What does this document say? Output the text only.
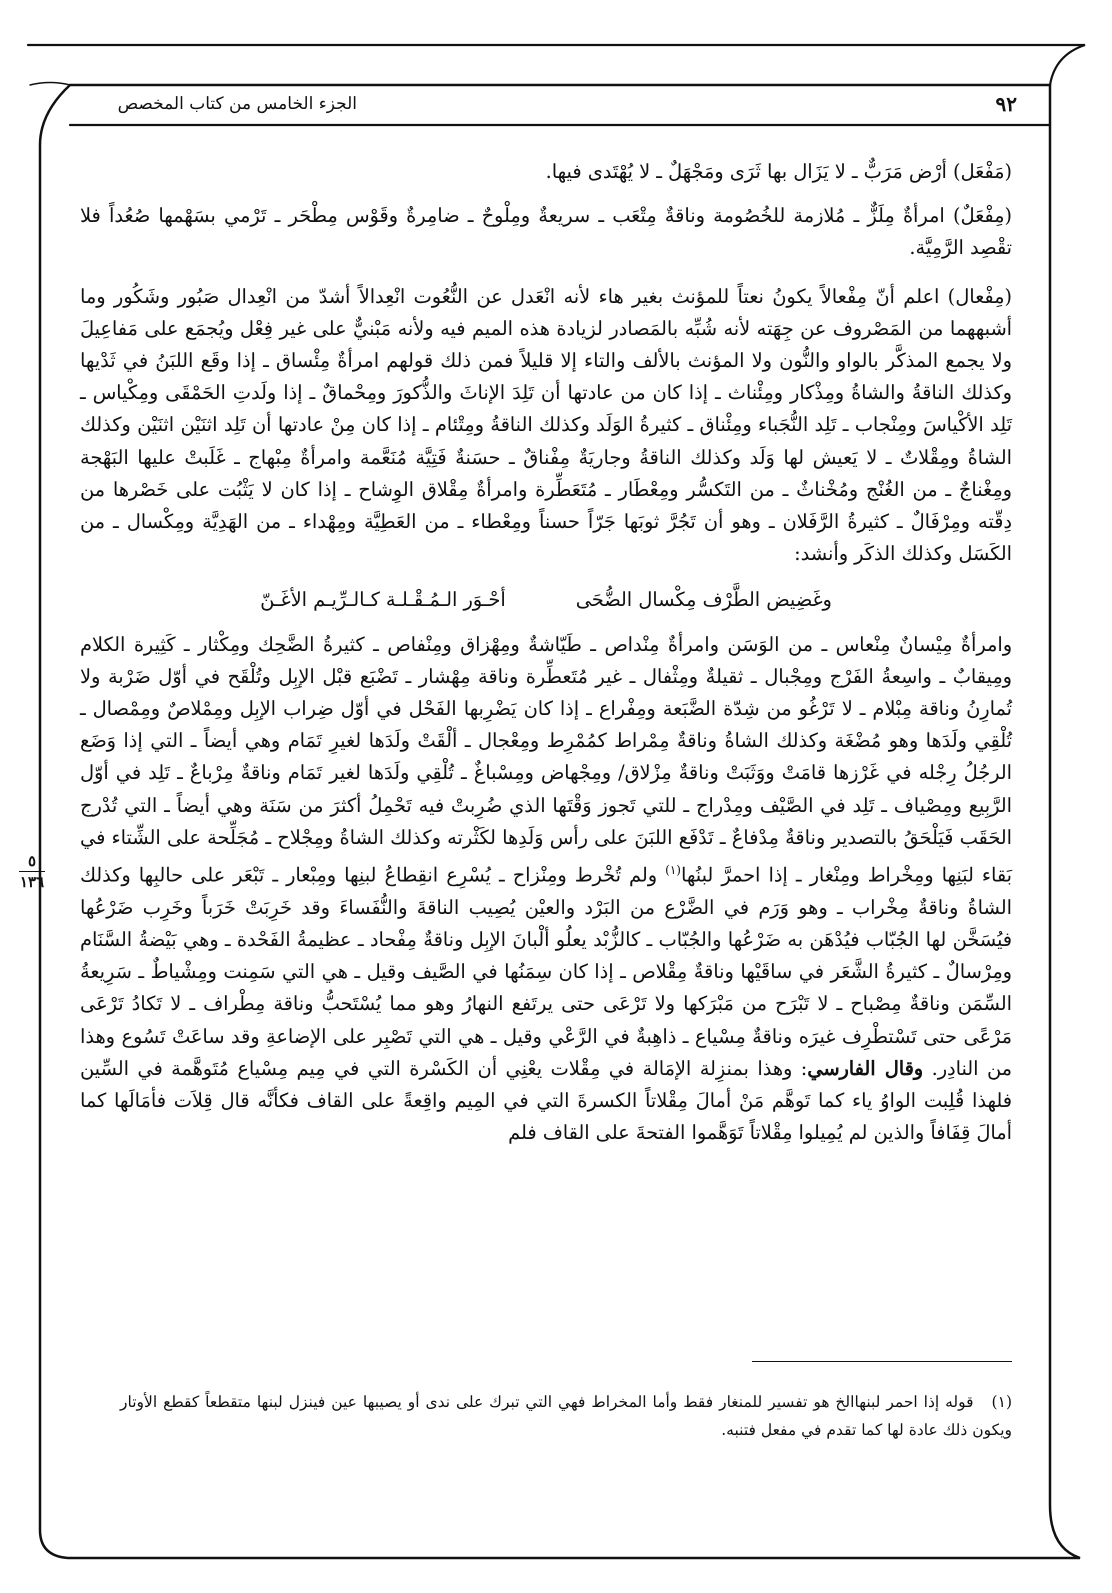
٩٢
الجزء الخامس من كتاب المخصص

(مَفْعَل) أرْض مَرَبٌّ ـ لا يَزَال بها ثَرَى ومَجْهَلٌ ـ لا يُهْتَدى فيها.

(مِفْعَلٌ) امرأةٌ مِلَزٌّ ـ مُلازمة للخُصُومة وناقةٌ مِتْعَب ـ سريعةٌ ومِلْوحٌ ـ ضامِرةٌ وقَوْس مِطْحَر ـ تَرْمي بسَهْمها صُعُداً فلا تقْصِد الرَّمِيَّة.

(مِفْعال) اعلم أنّ مِفْعالاً يكونُ نعتاً للمؤنث بغير هاء لأنه انْعَدل عن النُّعُوت انْعِدالاً أشدّ من انْعِدال صَبُور وشَكُور وما أشبههما من المَصْروف عن جِهَته لأنه شُبِّه بالمَصادر لزيادة هذه الميم فيه ولأنه مَبْنيٌّ على غير فِعْل ويُجمَع على مَفاعِيلَ ولا يجمع المذكَّر بالواو والنُّون ولا المؤنث بالألف والتاء إلا قليلاً فمن ذلك قولهم امرأةٌ مِئْساق ـ إذا وقَع اللبَنُ في ثَدْيها وكذلك الناقةُ والشاةُ ومِذْكار ومِئْناث ـ إذا كان من عادتها أن تَلِدَ الإناثَ والذُّكورَ ومِحْماقٌ ـ إذا ولَدتِ الحَمْقَى ومِكْياس ـ تَلِد الأكْياسَ ومِنْجاب ـ تَلِد النُّجَباء ومِئْناق ـ كثيرةُ الوَلَد وكذلك الناقةُ ومِتْئام ـ إذا كان مِنْ عادتها أن تَلِد اثنَيْن اثنَيْن وكذلك الشاةُ ومِقْلاتٌ ـ لا يَعيش لها وَلَد وكذلك الناقةُ وجاريَةٌ مِفْناقٌ ـ حسَنةٌ فَتِيَّة مُنَعَّمة وامرأةٌ مِبْهاج ـ غَلَبتْ عليها البَهْجة ومِغْناجٌ ـ من الغُنْج ومُخْناثٌ ـ من التَكسُّر ومِعْطَار ـ مُتَعَطِّرة وامرأةٌ مِقْلاق الوِشاح ـ إذا كان لا يَثْبُت على خَصْرها من دِقّته ومِرْفَالٌ ـ كثيرةُ الرَّفَلان ـ وهو أن تَجُرَّ ثوبَها جَرّاً حسناً ومِعْطاء ـ من العَطِيَّة ومِهْداء ـ من الهَدِيَّة ومِكْسال ـ من الكَسَل وكذلك الذكَر وأنشد:

وغَضِيض الطَّرْف مِكْسال الضُّحَى
أحْـوَر الـمُـقْـلـة كـالـرِّيـم الأغَـنّ

وامرأةٌ مِيْسانٌ مِنْعاس ـ من الوَسَن وامرأةٌ مِنْداص ـ طَيّاشةٌ ومِهْزاق ومِنْفاص ـ كثيرةُ الضَّحِك ومِكْثار ـ كَثِيرة الكلام ومِيقابٌ ـ واسِعةُ الفَرْج ومِجْبال ـ ثقيلةٌ ومِثْفال ـ غير مُتَعطِّرة وناقة مِهْشار ـ تَضْبَع قبْل الإبِل وتُلْقَح في أوّل ضَرْبة ولا تُمارِنُ وناقة مِبْلام ـ لا تَرْغُو من شِدّة الضَّبَعة ومِفْراع ـ إذا كان يَضْرِبها الفَحْل في أوّل ضِراب الإبِل ومِمْلاصٌ ومِمْصال ـ تُلْقِي ولَدَها وهو مُضْغَة وكذلك الشاةُ وناقةٌ مِمْراط كمُمْرِط ومِعْجال ـ ألْقَتْ ولَدَها لغيرِ تَمَام وهي أيضاً ـ التي إذا وَضَع الرجُلُ رِجْله في غَرْزها قامَتْ ووَثَبَتْ وناقةٌ مِزْلاق/ ومِجْهاض ومِسْباغٌ ـ تُلْقِي ولَدَها لغير تَمَام وناقةٌ مِرْباعٌ ـ تَلِد في أوّل الرَّبِيع ومِصْياف ـ تَلِد في الصَّيْف ومِدْراج ـ للتي تَجوز وَقْتَها الذي ضُرِبتْ فيه تَحْمِلُ أكثرَ من سَنَة وهي أيضاً ـ التي تُدْرج الحَقَب فَيَلْحَقُ بالتصدير وناقةٌ مِدْفاعٌ ـ تَدْفَع اللبَنَ على رأس وَلَدِها لكَثْرته وكذلك الشاةُ ومِجْلاح ـ مُجَلِّحة على الشِّتاء في بَقاء لبَنِها ومِخْراط ومِنْغار ـ إذا احمرَّ لبنُها$^{(١)}$ ولم تُخْرط ومِنْزاح ـ يُسْرِع انقِطاعُ لبنِها ومِبْعار ـ تَبْعَر على حالبِها وكذلك الشاةُ وناقةٌ مِخْراب ـ وهو وَرَم في الضَّرْع من البَرْد والعيْن يُصِيب الناقةَ والنُّفَساءَ وقد خَرِبَتْ خَرَباً وخَرِب ضَرْعُها فيُسَخَّن لها الجُبّاب فيُدْهَن به ضَرْعُها والجُبّاب ـ كالزُّبْد يعلُو ألْبانَ الإبِل وناقةٌ مِفْحاد ـ عظيمةُ الفَحْدة ـ وهي بَيْضةُ السَّنَام ومِرْسالٌ ـ كثيرةُ الشَّعَر في ساقَيْها وناقةٌ مِقْلاص ـ إذا كان سِمَنُها في الصَّيف وقيل ـ هي التي سَمِنت ومِشْياطٌ ـ سَرِيعةُ السِّمَن وناقةٌ مِصْباح ـ لا تَبْرَح من مَبْرَكها ولا تَرْعَى حتى يرتَفع النهارُ وهو مما يُسْتَحبُّ وناقة مِطْراف ـ لا تَكادُ تَرْعَى مَرْعًى حتى تَسْتطْرِف غيرَه وناقةٌ مِسْياع ـ ذاهِبةٌ في الرَّعْي وقيل ـ هي التي تَصْبِر على الإضاعةِ وقد ساعَتْ تَسُوع وهذا من النادِر. وقال الفارسي: وهذا بمنزِلة الإمَالة في مِقْلات يعْنِي أن الكَسْرة التي في مِيم مِسْياع مُتَوهَّمة في السِّين فلهذا قُلِبت الواوُ ياء كما تَوهَّم مَنْ أمالَ مِقْلاتاً الكسرةَ التي في المِيم واقِعةً على القاف فكأنَّه قال قِلاَت فأمَالَها كما أمالَ قِفَافاً والذين لم يُمِيلوا مِقْلاتاً تَوَهَّموا الفتحةَ على القاف فلم

٥
١٣٦
(١)قوله إذا احمر لبنهاالخ هو تفسير للمنغار فقط وأما المخراط فهي التي تبرك على ندى أو يصيبها عين فينزل لبنها متقطعاً كقطع الأوتار ويكون ذلك عادة لها كما تقدم في مفعل فتنبه.
